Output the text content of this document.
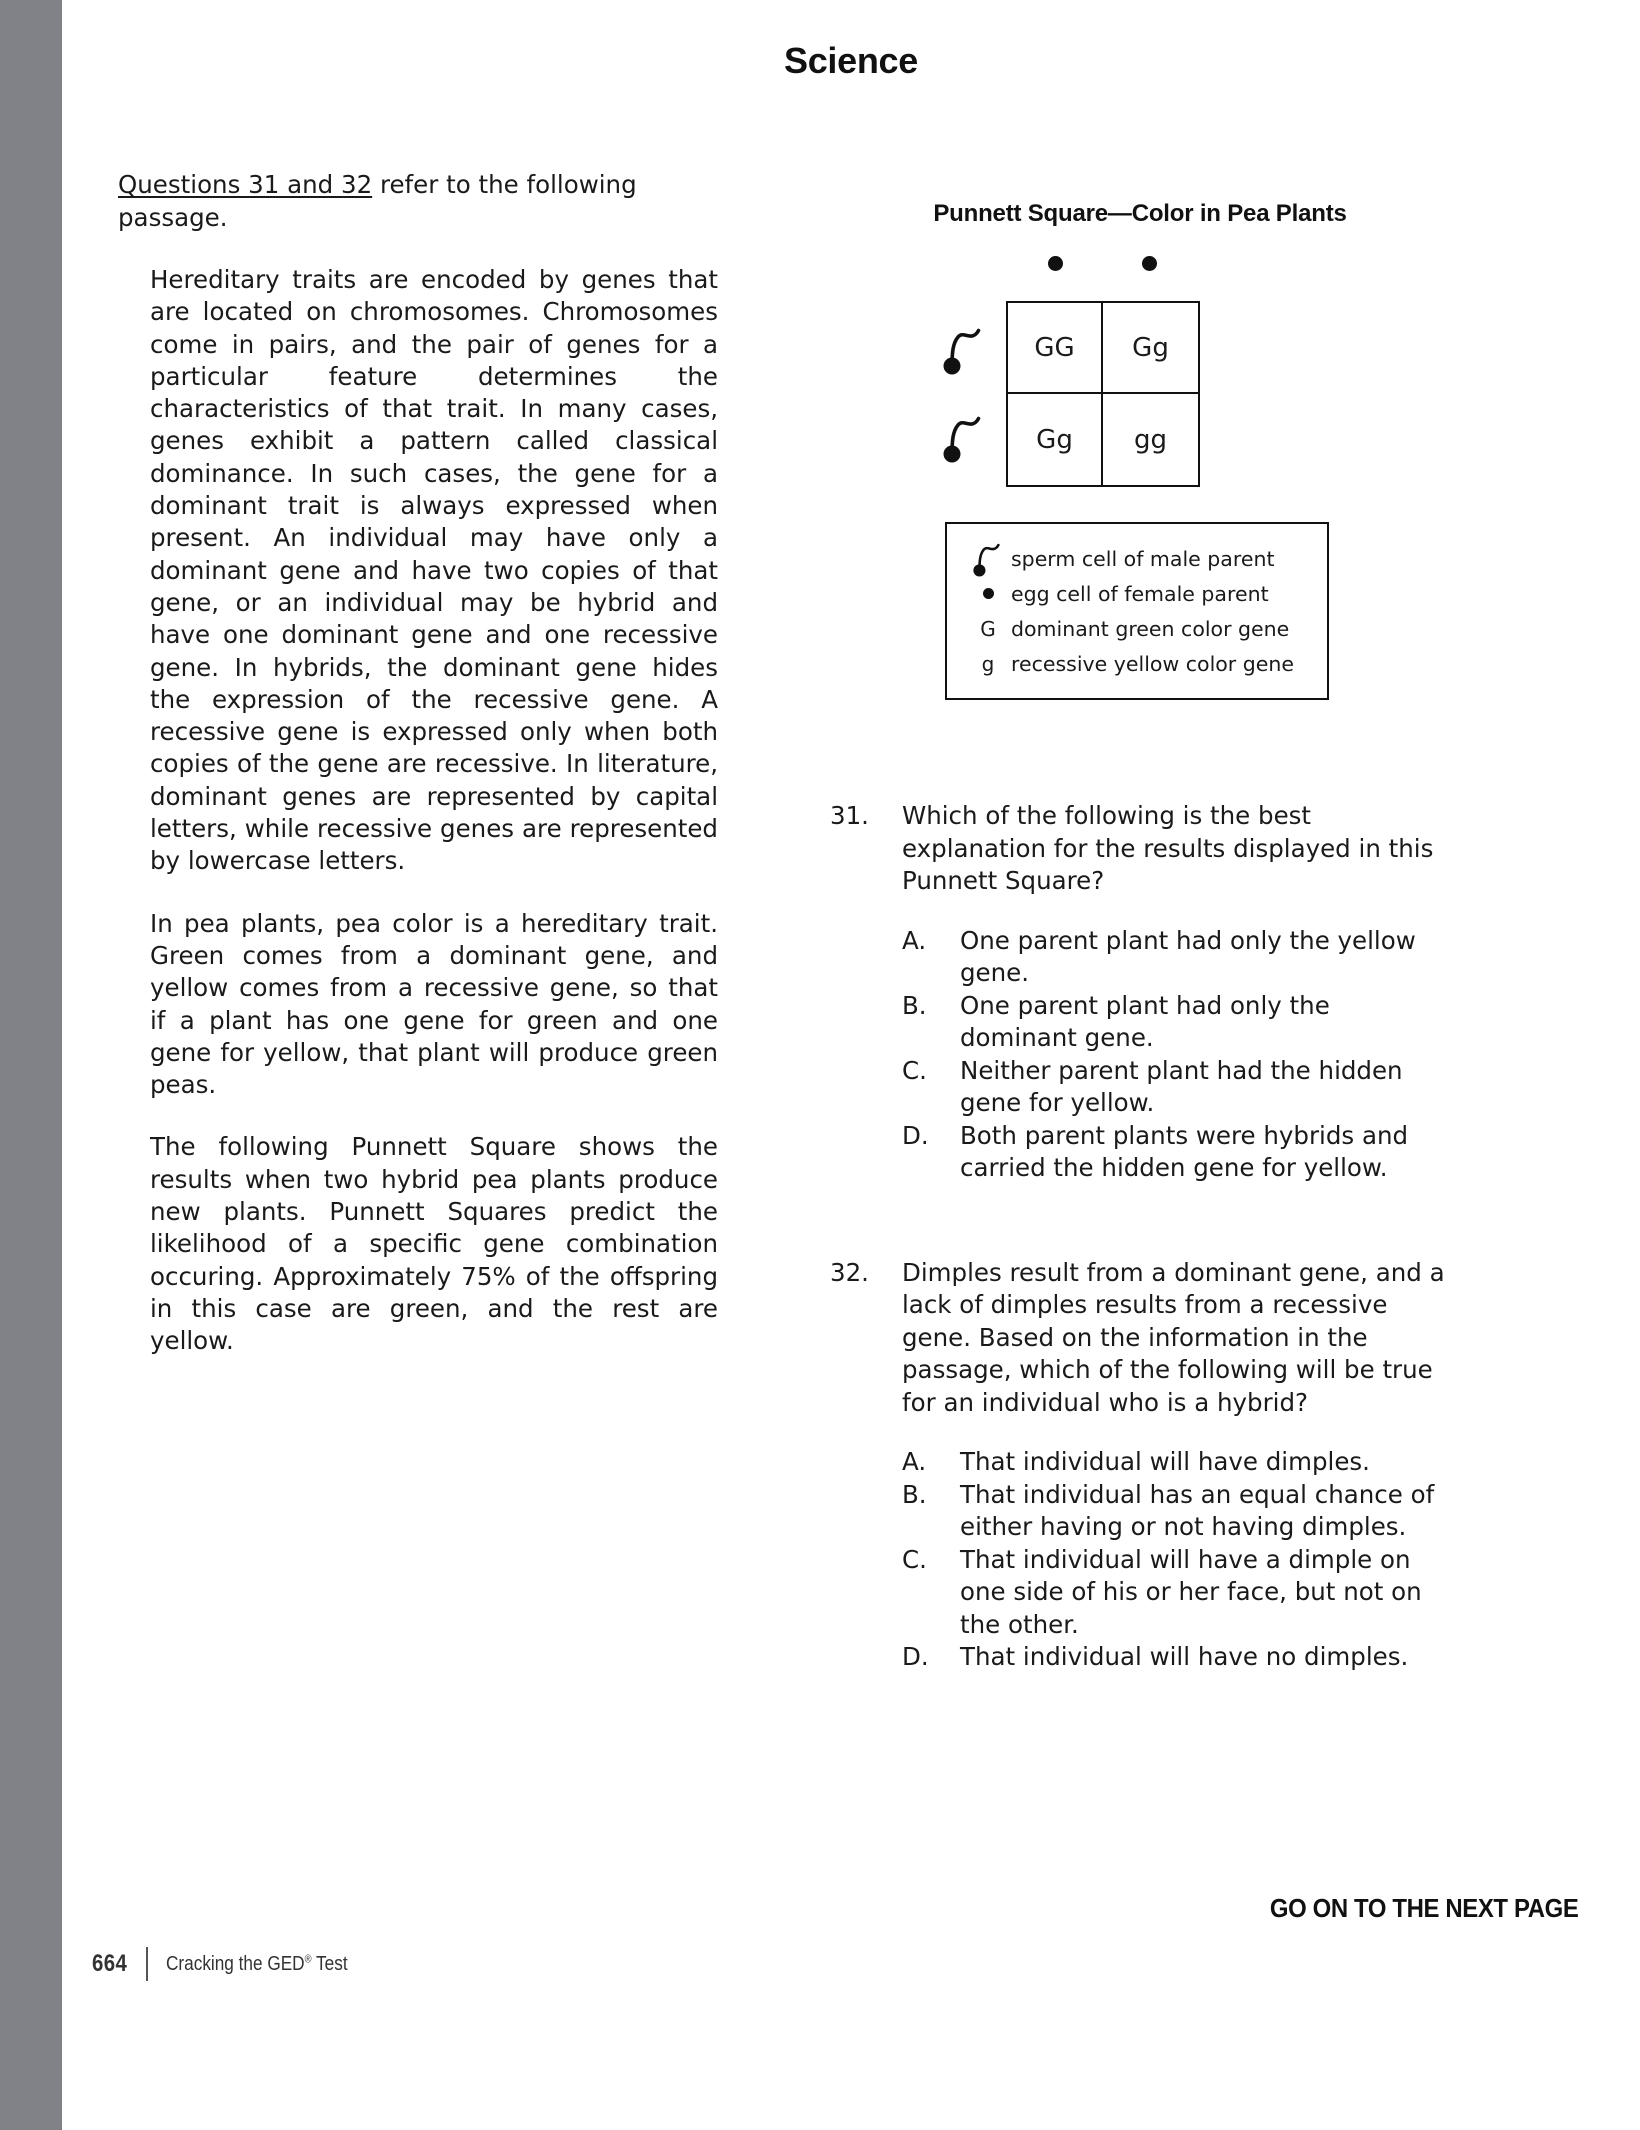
Science

Questions 31 and 32 refer to the following passage.

Hereditary traits are encoded by genes that are located on chromosomes. Chromosomes come in pairs, and the pair of genes for a particular feature determines the characteristics of that trait. In many cases, genes exhibit a pattern called classical dominance. In such cases, the gene for a dominant trait is always expressed when present. An individual may have only a dominant gene and have two copies of that gene, or an individual may be hybrid and have one dominant gene and one recessive gene. In hybrids, the dominant gene hides the expression of the recessive gene. A recessive gene is expressed only when both copies of the gene are recessive. In literature, dominant genes are represented by capital letters, while recessive genes are represented by lowercase letters.

In pea plants, pea color is a hereditary trait. Green comes from a dominant gene, and yellow comes from a recessive gene, so that if a plant has one gene for green and one gene for yellow, that plant will produce green peas.

The following Punnett Square shows the results when two hybrid pea plants produce new plants. Punnett Squares predict the likelihood of a specific gene combination occuring. Approximately 75% of the offspring in this case are green, and the rest are yellow.

Punnett Square—Color in Pea Plants
GG	Gg
Gg	gg
sperm cell of male parent
egg cell of female parent
G dominant green color gene
g recessive yellow color gene
31.	Which of the following is the best explanation for the results displayed in this Punnett Square?
A.	One parent plant had only the yellow gene.
B.	One parent plant had only the dominant gene.
C.	Neither parent plant had the hidden gene for yellow.
D.	Both parent plants were hybrids and carried the hidden gene for yellow.
32.	Dimples result from a dominant gene, and a lack of dimples results from a recessive gene. Based on the information in the passage, which of the following will be true for an individual who is a hybrid?
A.	That individual will have dimples.
B.	That individual has an equal chance of either having or not having dimples.
C.	That individual will have a dimple on one side of his or her face, but not on the other.
D.	That individual will have no dimples.
GO ON TO THE NEXT PAGE
664 Cracking the GED® Test
